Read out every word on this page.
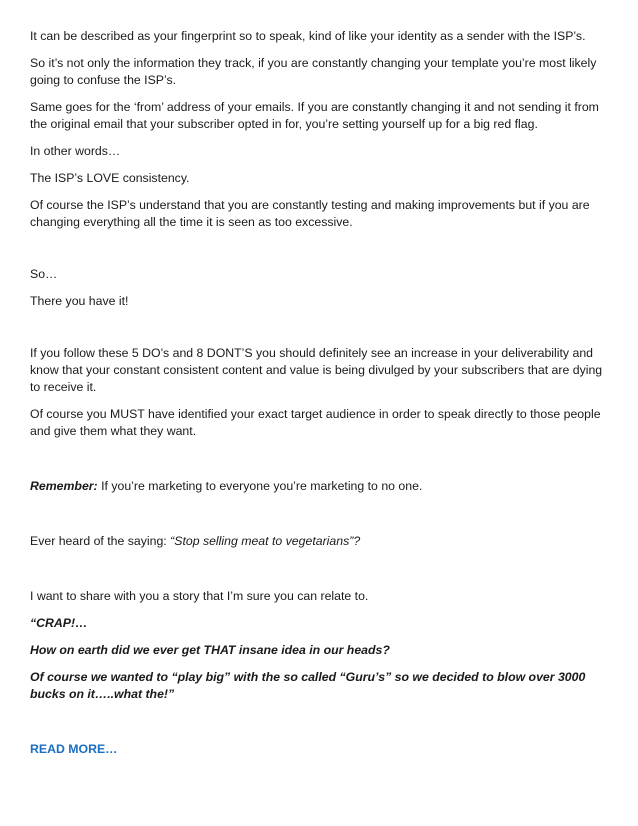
It can be described as your fingerprint so to speak, kind of like your identity as a sender with the ISP’s.

So it’s not only the information they track, if you are constantly changing your template you’re most likely going to confuse the ISP’s.

Same goes for the ‘from’ address of your emails. If you are constantly changing it and not sending it from the original email that your subscriber opted in for, you’re setting yourself up for a big red flag.

In other words…

The ISP’s LOVE consistency.

Of course the ISP’s understand that you are constantly testing and making improvements but if you are changing everything all the time it is seen as too excessive.

So…

There you have it!

If you follow these 5 DO’s and 8 DONT’S you should definitely see an increase in your deliverability and know that your constant consistent content and value is being divulged by your subscribers that are dying to receive it.

Of course you MUST have identified your exact target audience in order to speak directly to those people and give them what they want.

Remember: If you’re marketing to everyone you’re marketing to no one.

Ever heard of the saying: “Stop selling meat to vegetarians”?

I want to share with you a story that I’m sure you can relate to.

“CRAP!…

How on earth did we ever get THAT insane idea in our heads?

Of course we wanted to “play big” with the so called “Guru’s” so we decided to blow over 3000 bucks on it…..what the!”

READ MORE…
